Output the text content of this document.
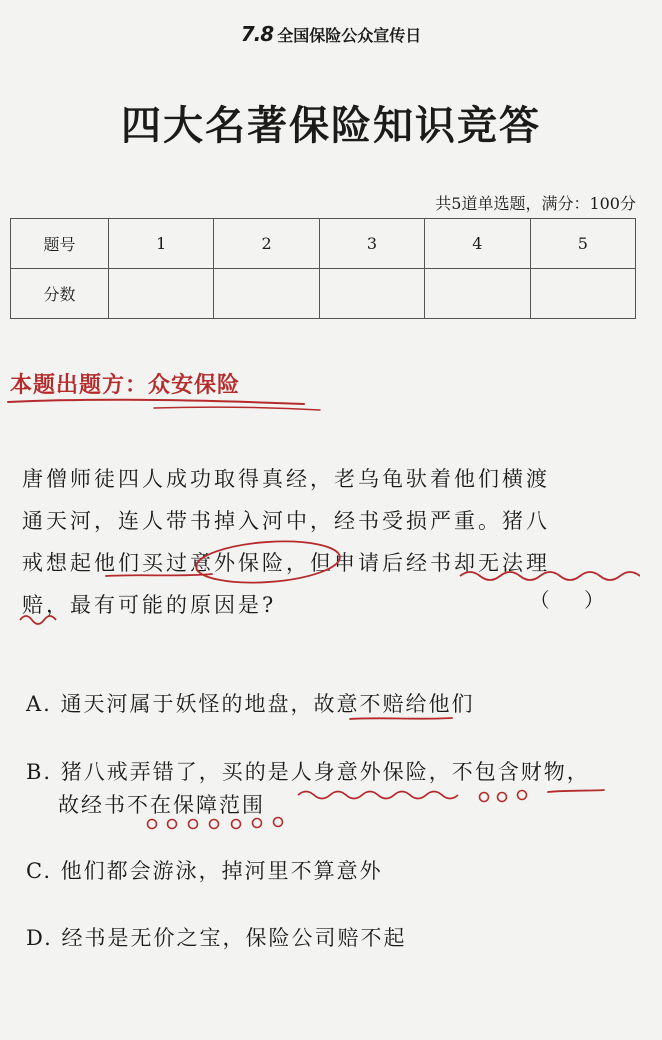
7.8 全国保险公众宣传日
四大名著保险知识竞答
共5道单选题，满分：100分
题号	1	2	3	4	5
分数					
本题出题方：众安保险
唐僧师徒四人成功取得真经，老乌龟驮着他们横渡
通天河，连人带书掉入河中，经书受损严重。猪八
戒想起他们买过意外保险，但申请后经书却无法理
赔，最有可能的原因是?	（ ）
A. 通天河属于妖怪的地盘，故意不赔给他们
B. 猪八戒弄错了，买的是人身意外保险，不包含财物，
故经书不在保障范围
C. 他们都会游泳，掉河里不算意外
D. 经书是无价之宝，保险公司赔不起
